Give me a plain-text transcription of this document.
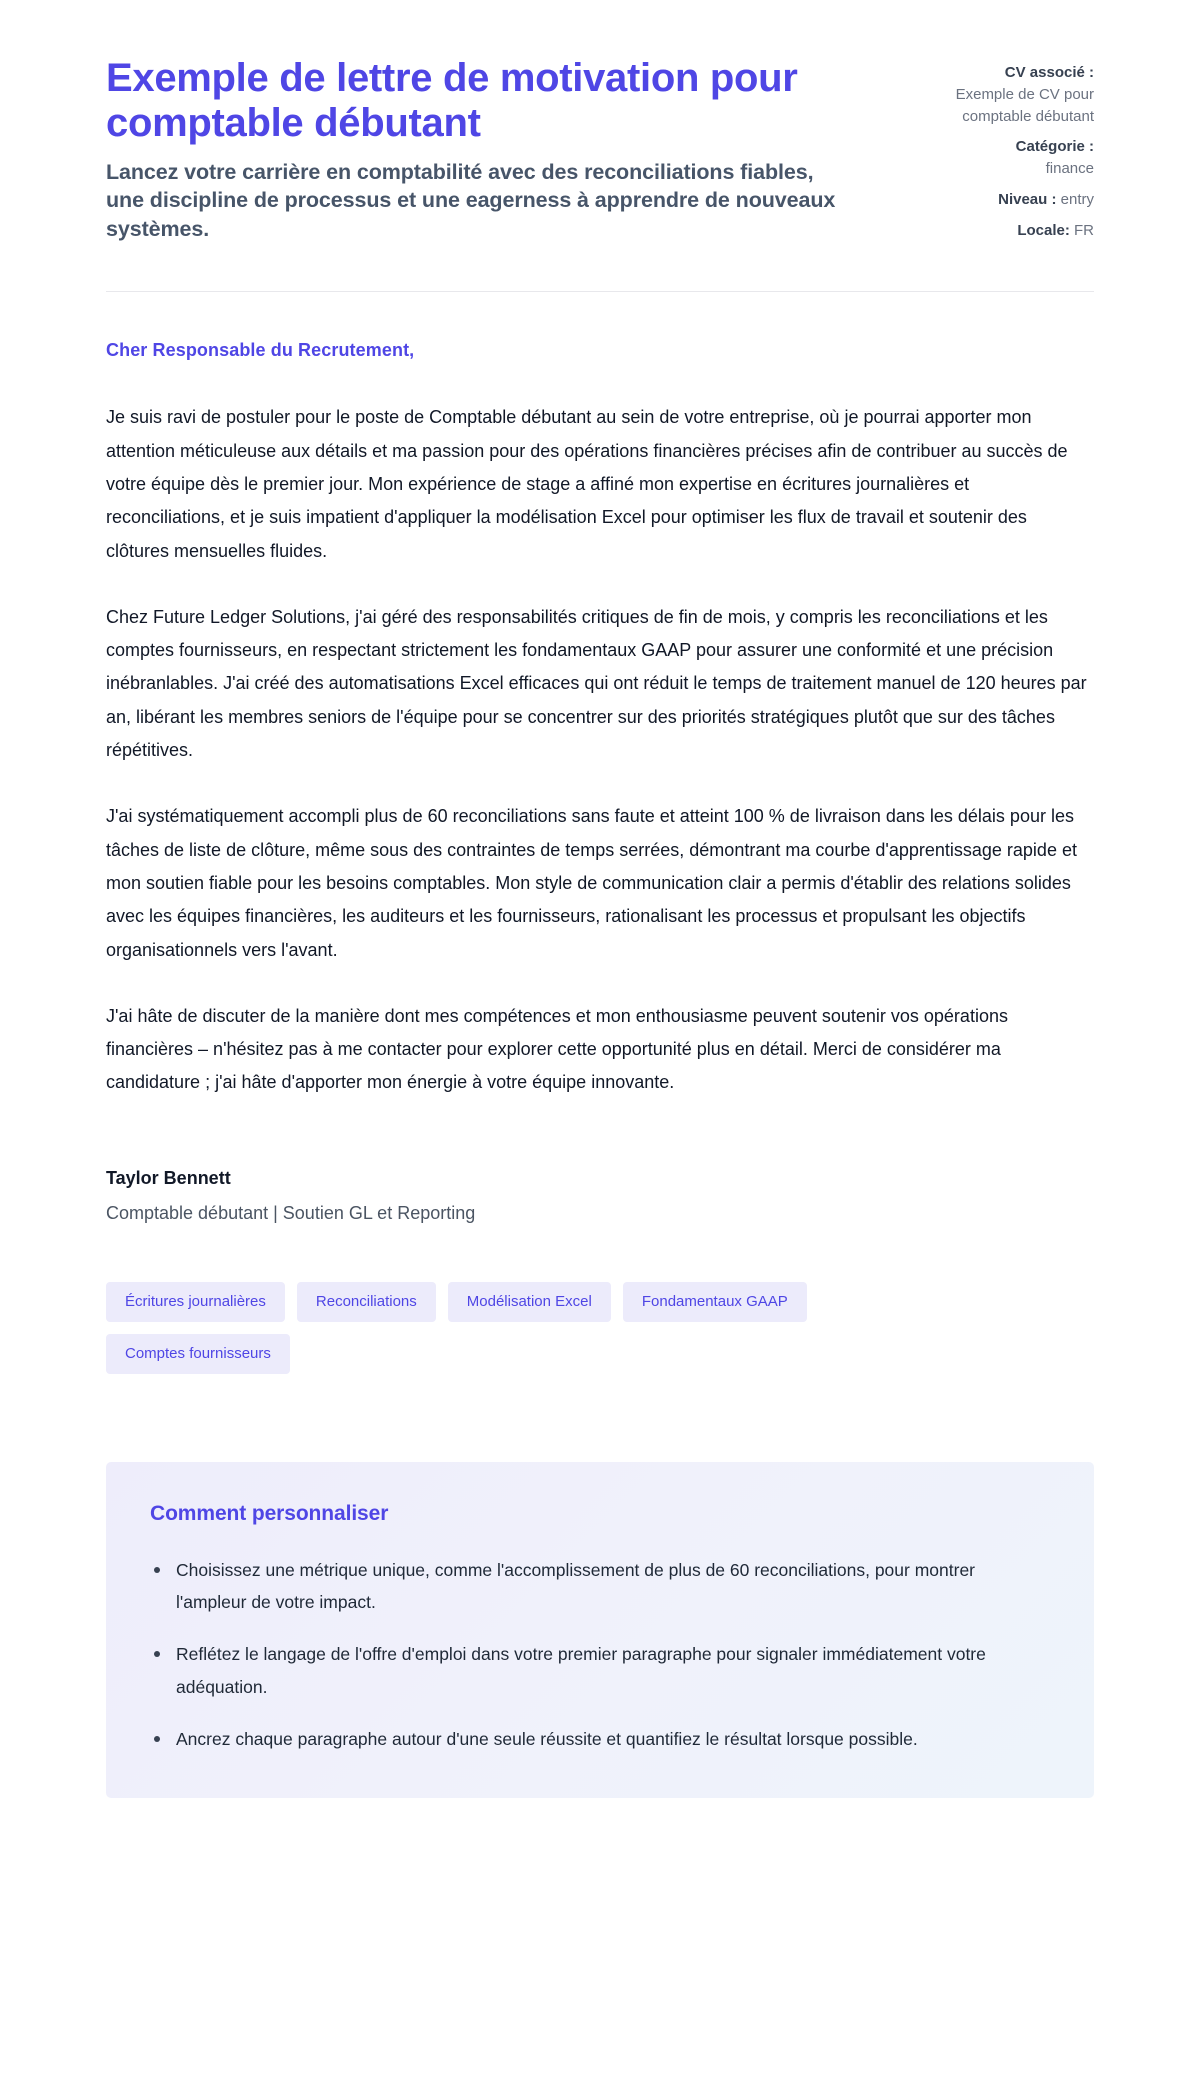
Exemple de lettre de motivation pour comptable débutant

Lancez votre carrière en comptabilité avec des reconciliations fiables, une discipline de processus et une eagerness à apprendre de nouveaux systèmes.

CV associé :
Exemple de CV pour comptable débutant
Catégorie :
finance
Niveau : entry
Locale: FR

Cher Responsable du Recrutement,

Je suis ravi de postuler pour le poste de Comptable débutant au sein de votre entreprise, où je pourrai apporter mon attention méticuleuse aux détails et ma passion pour des opérations financières précises afin de contribuer au succès de votre équipe dès le premier jour. Mon expérience de stage a affiné mon expertise en écritures journalières et reconciliations, et je suis impatient d'appliquer la modélisation Excel pour optimiser les flux de travail et soutenir des clôtures mensuelles fluides.

Chez Future Ledger Solutions, j'ai géré des responsabilités critiques de fin de mois, y compris les reconciliations et les comptes fournisseurs, en respectant strictement les fondamentaux GAAP pour assurer une conformité et une précision inébranlables. J'ai créé des automatisations Excel efficaces qui ont réduit le temps de traitement manuel de 120 heures par an, libérant les membres seniors de l'équipe pour se concentrer sur des priorités stratégiques plutôt que sur des tâches répétitives.

J'ai systématiquement accompli plus de 60 reconciliations sans faute et atteint 100 % de livraison dans les délais pour les tâches de liste de clôture, même sous des contraintes de temps serrées, démontrant ma courbe d'apprentissage rapide et mon soutien fiable pour les besoins comptables. Mon style de communication clair a permis d'établir des relations solides avec les équipes financières, les auditeurs et les fournisseurs, rationalisant les processus et propulsant les objectifs organisationnels vers l'avant.

J'ai hâte de discuter de la manière dont mes compétences et mon enthousiasme peuvent soutenir vos opérations financières – n'hésitez pas à me contacter pour explorer cette opportunité plus en détail. Merci de considérer ma candidature ; j'ai hâte d'apporter mon énergie à votre équipe innovante.

Taylor Bennett
Comptable débutant | Soutien GL et Reporting
Écritures journalières	Reconciliations	Modélisation Excel	Fondamentaux GAAP
Comptes fournisseurs
Comment personnaliser
Choisissez une métrique unique, comme l'accomplissement de plus de 60 reconciliations, pour montrer l'ampleur de votre impact.
Reflétez le langage de l'offre d'emploi dans votre premier paragraphe pour signaler immédiatement votre adéquation.
Ancrez chaque paragraphe autour d'une seule réussite et quantifiez le résultat lorsque possible.
